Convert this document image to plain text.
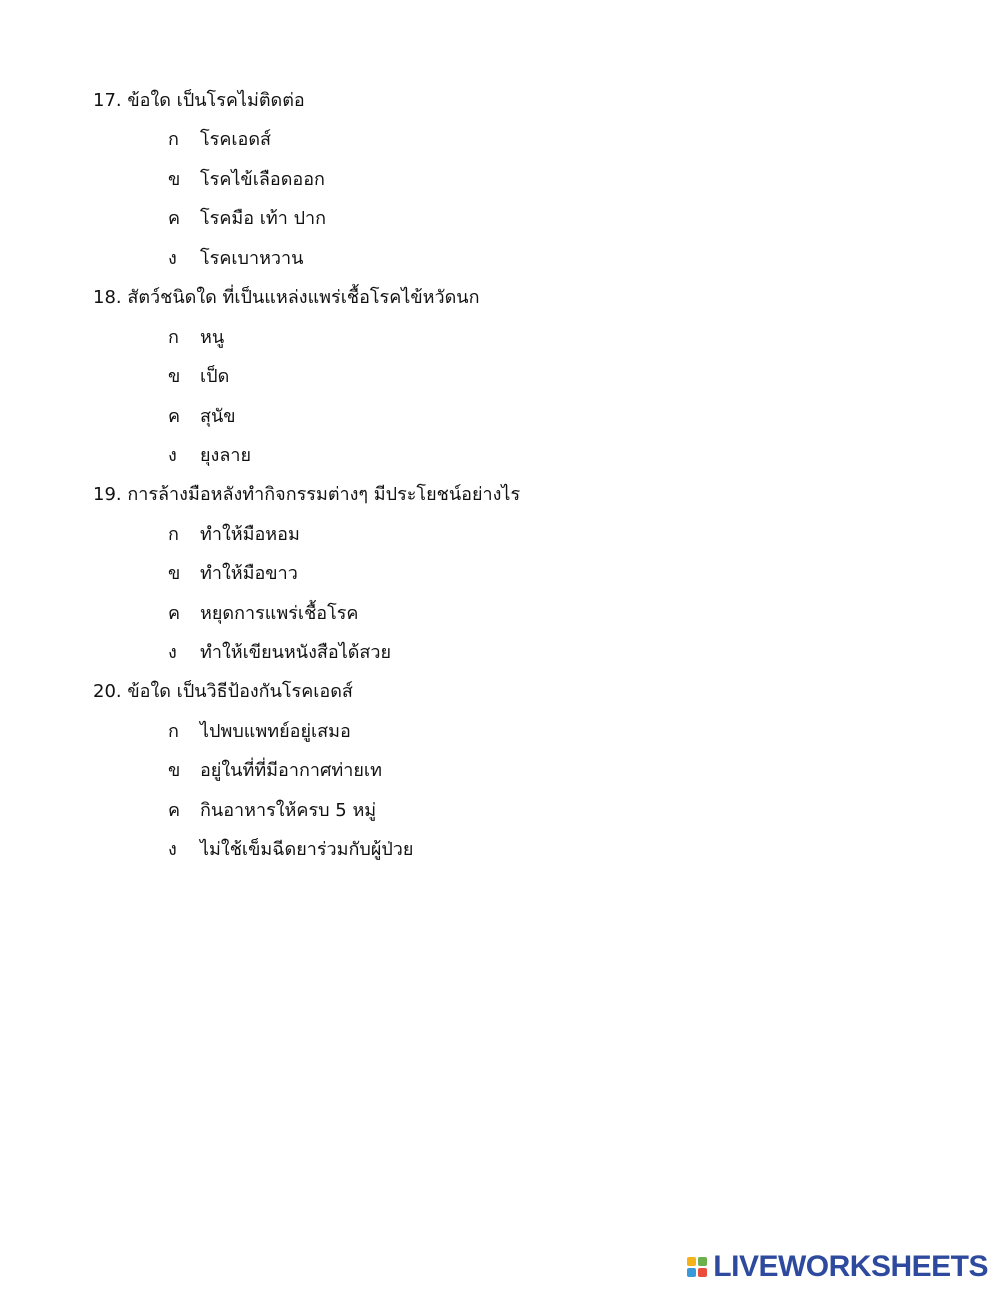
17. ข้อใด เป็นโรคไม่ติดต่อ
ก โรคเอดส์
ข โรคไข้เลือดออก
ค โรคมือ เท้า ปาก
ง โรคเบาหวาน
18. สัตว์ชนิดใด ที่เป็นแหล่งแพร่เชื้อโรคไข้หวัดนก
ก หนู
ข เป็ด
ค สุนัข
ง ยุงลาย
19. การล้างมือหลังทำกิจกรรมต่างๆ มีประโยชน์อย่างไร
ก ทำให้มือหอม
ข ทำให้มือขาว
ค หยุดการแพร่เชื้อโรค
ง ทำให้เขียนหนังสือได้สวย
20. ข้อใด เป็นวิธีป้องกันโรคเอดส์
ก ไปพบแพทย์อยู่เสมอ
ข อยู่ในที่ที่มีอากาศท่ายเท
ค กินอาหารให้ครบ 5 หมู่
ง ไม่ใช้เข็มฉีดยาร่วมกับผู้ป่วย
LIVEWORKSHEETS
